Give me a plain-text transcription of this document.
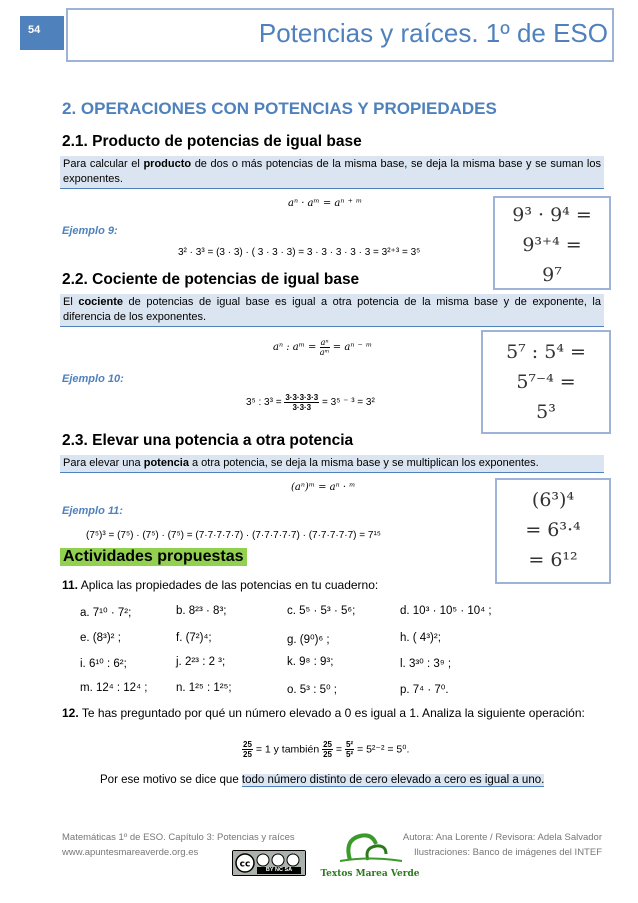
54	Potencias y raíces. 1º de ESO
2. OPERACIONES CON POTENCIAS Y PROPIEDADES
2.1. Producto de potencias de igual base
Para calcular el producto de dos o más potencias de la misma base, se deja la misma base y se suman los exponentes.
aⁿ · aᵐ = aⁿ ⁺ ᵐ
Ejemplo 9:
3² · 3³ = (3 · 3) · ( 3 · 3 · 3) = 3 · 3 · 3 · 3 · 3 = 3²⁺³ = 3⁵
9³ · 9⁴ =
9³⁺⁴ =
9⁷
2.2. Cociente de potencias de igual base
El cociente de potencias de igual base es igual a otra potencia de la misma base y de exponente, la diferencia de los exponentes.
aⁿ : aᵐ = $\frac{\text{aⁿ}}{\text{aᵐ}} = a^n$ ⁻ ᵐ
Ejemplo 10:
3⁵ : $3^3 = \frac{3\cdot 3\cdot 3\cdot 3\cdot 3}{3\cdot 3\cdot 3} = 3^5$ ⁻ ³ = 3²
5⁷ : 5⁴ =
5⁷⁻⁴ =
5³
2.3. Elevar una potencia a otra potencia
Para elevar una potencia a otra potencia, se deja la misma base y se multiplican los exponentes.
(aⁿ)ᵐ = aⁿ · ᵐ
Ejemplo 11:
(7⁵)³ = (7⁵) · (7⁵) · (7⁵) = (7·7·7·7·7) · (7·7·7·7·7) · (7·7·7·7·7) = 7¹⁵
(6³)⁴
= 6³·⁴
= 6¹²
Actividades propuestas
11. Aplica las propiedades de las potencias en tu cuaderno:
a. 7¹⁰ · 7²;	b. 8²³ · 8³;	c. 5⁵ · 5³ · 5⁶;	d. 10³ · 10⁵ · 10⁴ ;
e. (8³)² ;	f. (7²)⁴;	g. (9⁰)⁶ ;	h. ( 4³)²;
i. 6¹⁰ : 6²;	j. 2²³ : 2 ³;	k. 9⁸ : 9³;	l. 3³⁰ : 3⁹ ;
m. 12⁴ : 12⁴ ; n. 1²⁵ : 1²⁵;	o. 5³ : 5⁰ ;	p. 7⁴ · 7⁰.
12. Te has preguntado por qué un número elevado a 0 es igual a 1. Analiza la siguiente operación:
$\frac{25}{25} = 1$ y también $\frac{25}{25} = \frac{\text{5²}}{\text{5²}} = 5^{2-2} = 5^0$.
Por ese motivo se dice que todo número distinto de cero elevado a cero es igual a uno.
Matemáticas 1º de ESO. Capítulo 3: Potencias y raíces
www.apuntesmareaverde.org.es
Autora: Ana Lorente / Revisora: Adela Salvador
Ilustraciones: Banco de imágenes del INTEF
cc
BY NC SA	Textos Marea Verde
